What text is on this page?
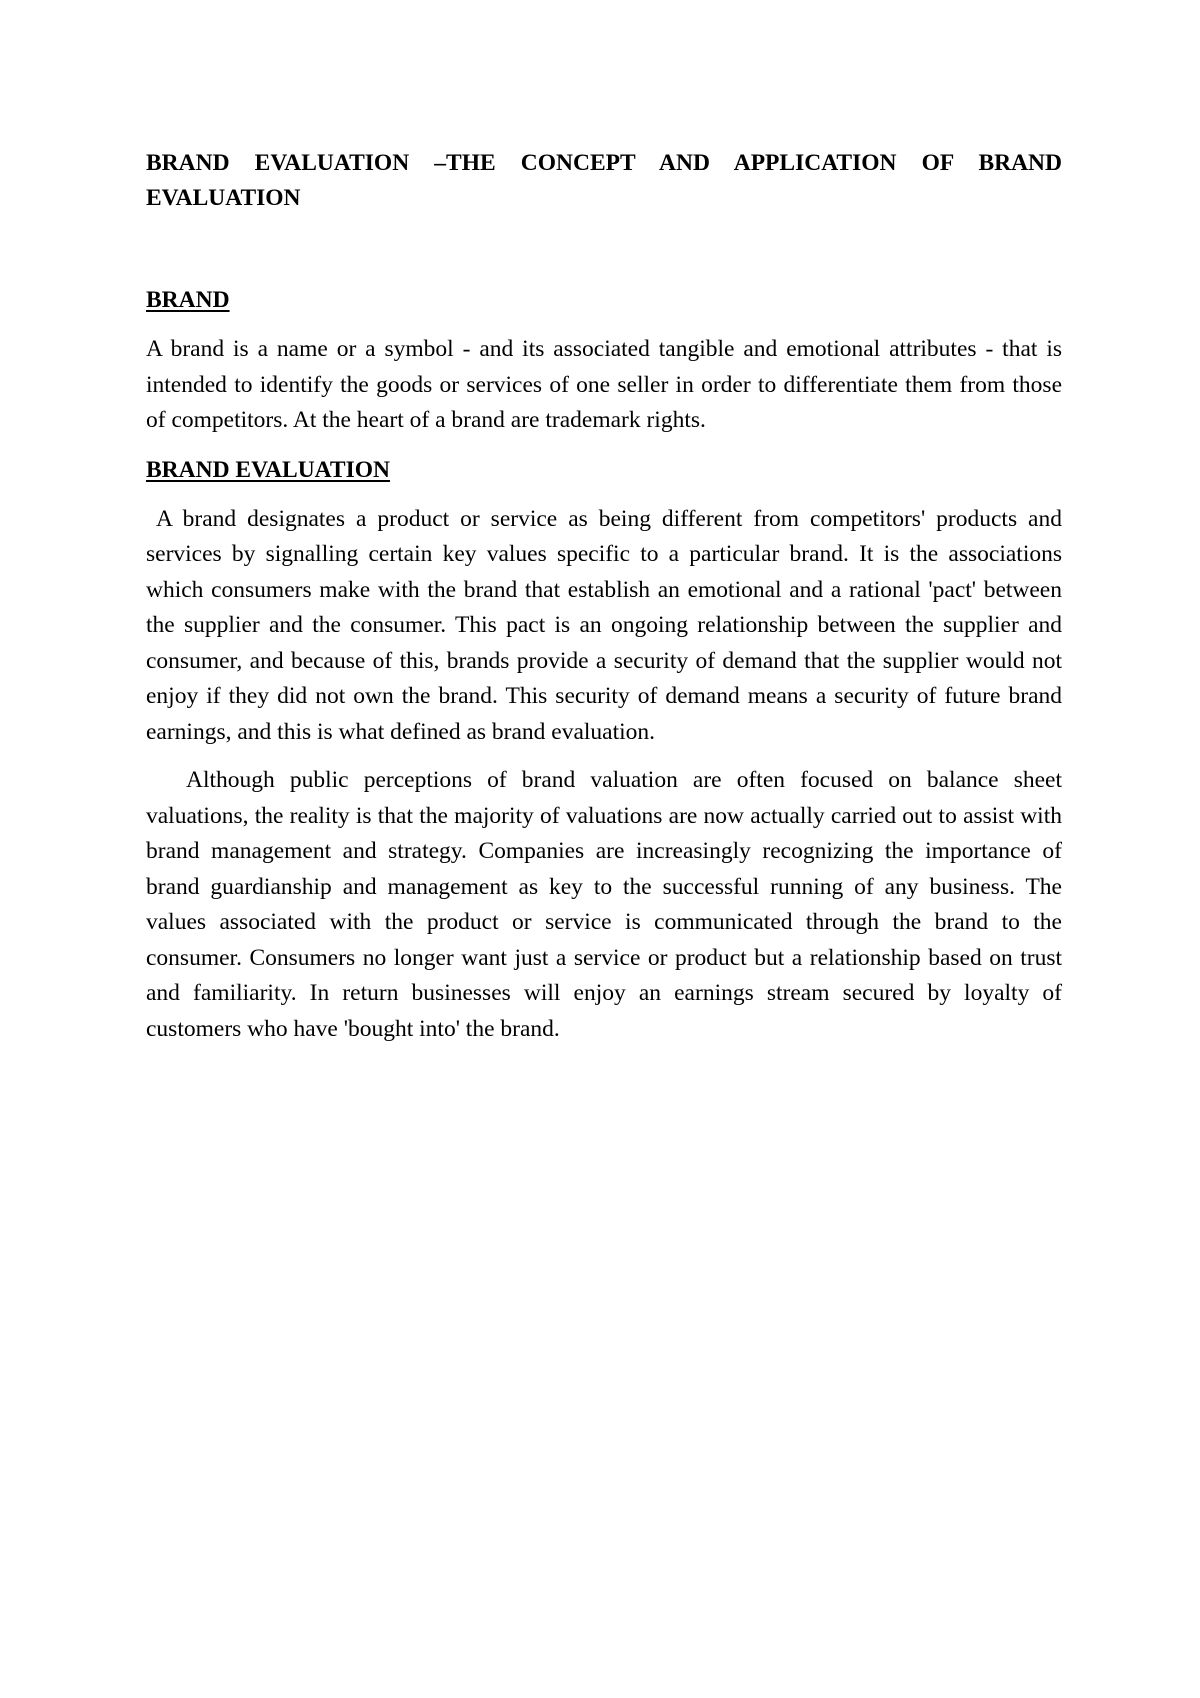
BRAND EVALUATION –THE CONCEPT AND APPLICATION OF BRAND EVALUATION

BRAND

A brand is a name or a symbol - and its associated tangible and emotional attributes - that is intended to identify the goods or services of one seller in order to differentiate them from those of competitors. At the heart of a brand are trademark rights.

BRAND EVALUATION

A brand designates a product or service as being different from competitors' products and services by signalling certain key values specific to a particular brand. It is the associations which consumers make with the brand that establish an emotional and a rational 'pact' between the supplier and the consumer. This pact is an ongoing relationship between the supplier and consumer, and because of this, brands provide a security of demand that the supplier would not enjoy if they did not own the brand. This security of demand means a security of future brand earnings, and this is what defined as brand evaluation.

Although public perceptions of brand valuation are often focused on balance sheet valuations, the reality is that the majority of valuations are now actually carried out to assist with brand management and strategy. Companies are increasingly recognizing the importance of brand guardianship and management as key to the successful running of any business. The values associated with the product or service is communicated through the brand to the consumer. Consumers no longer want just a service or product but a relationship based on trust and familiarity. In return businesses will enjoy an earnings stream secured by loyalty of customers who have 'bought into' the brand.
